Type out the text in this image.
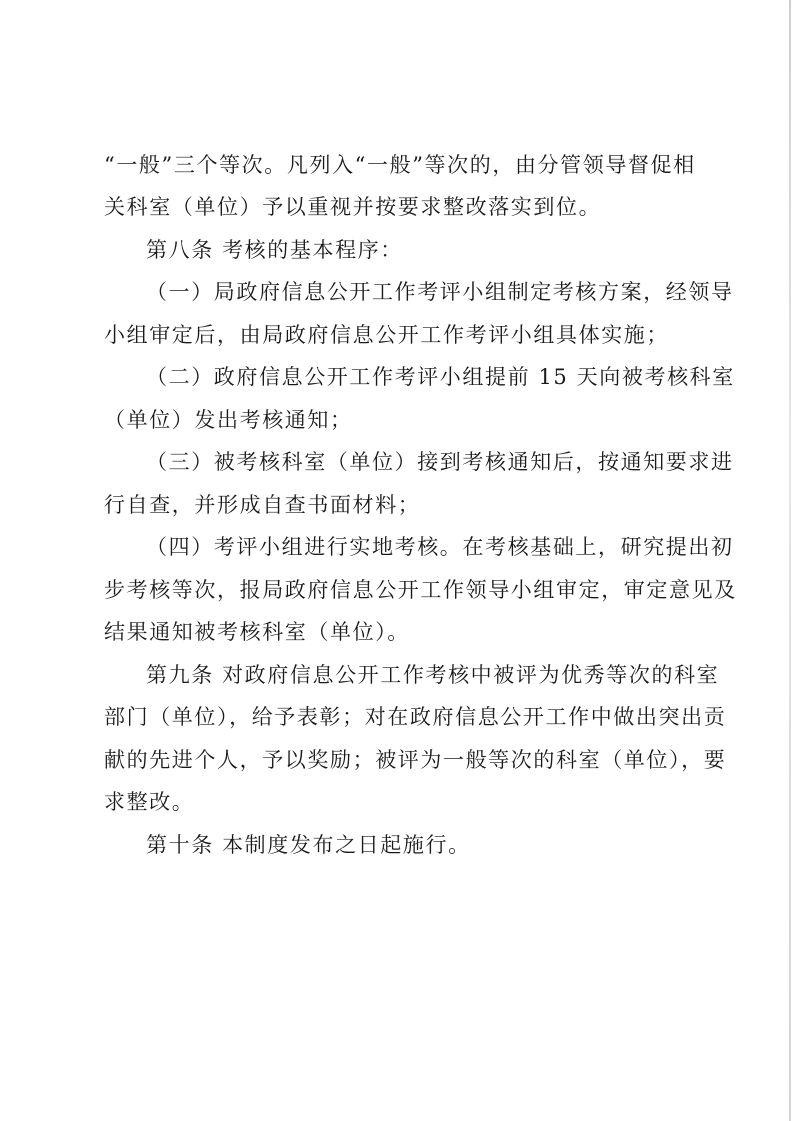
“一般”三个等次。凡列入“一般”等次的，由分管领导督促相
关科室（单位）予以重视并按要求整改落实到位。
第八条 考核的基本程序：
（一）局政府信息公开工作考评小组制定考核方案，经领导
小组审定后，由局政府信息公开工作考评小组具体实施；
（二）政府信息公开工作考评小组提前 15 天向被考核科室
（单位）发出考核通知；
（三）被考核科室（单位）接到考核通知后，按通知要求进
行自查，并形成自查书面材料；
（四）考评小组进行实地考核。在考核基础上，研究提出初
步考核等次，报局政府信息公开工作领导小组审定，审定意见及
结果通知被考核科室（单位）。
第九条 对政府信息公开工作考核中被评为优秀等次的科室
部门（单位），给予表彰；对在政府信息公开工作中做出突出贡
献的先进个人，予以奖励；被评为一般等次的科室（单位），要
求整改。
第十条 本制度发布之日起施行。
